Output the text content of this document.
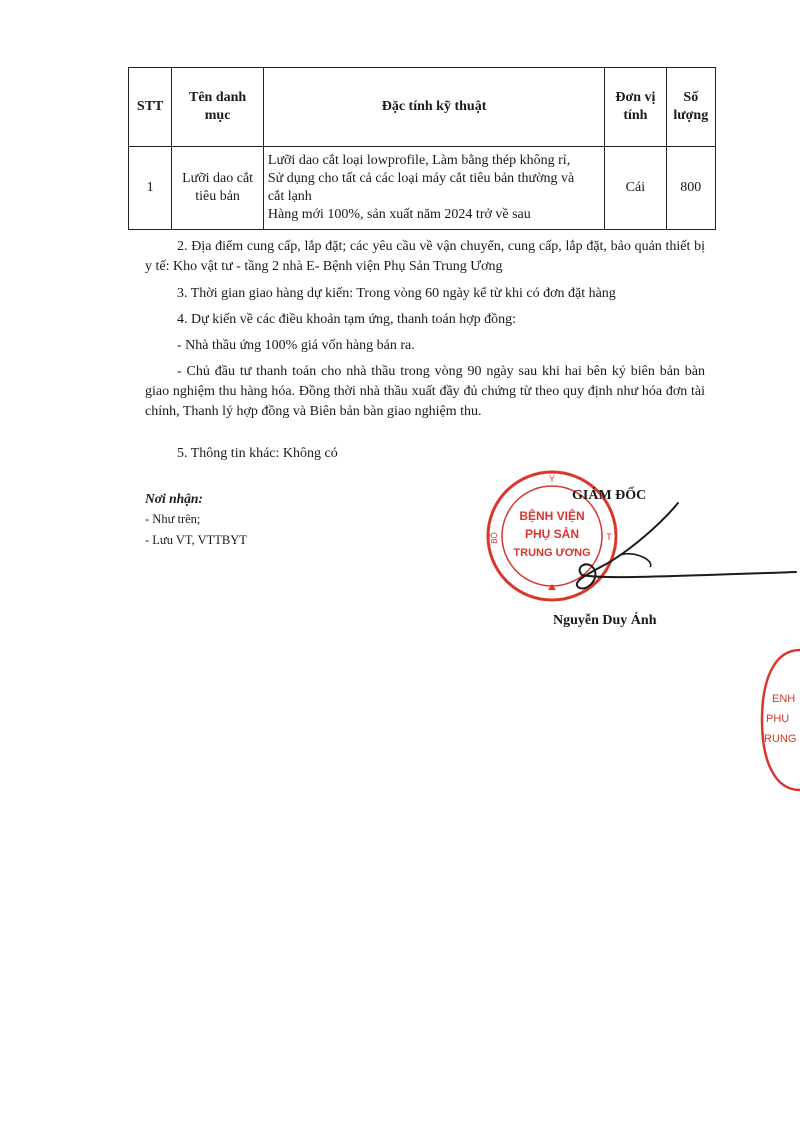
STT	Tên danh mục	Đặc tính kỹ thuật	Đơn vị tính	Số lượng
1	Lưỡi dao cắt tiêu bản	Lưỡi dao cắt loại lowprofile, Làm bằng thép không rỉ,
Sử dụng cho tất cả các loại máy cắt tiêu bản thường và
cắt lạnh
Hàng mới 100%, sản xuất năm 2024 trở về sau	Cái	800
2. Địa điểm cung cấp, lắp đặt; các yêu cầu về vận chuyển, cung cấp, lắp đặt, bảo quản thiết bị y tế: Kho vật tư - tầng 2 nhà E- Bệnh viện Phụ Sản Trung Ương
3. Thời gian giao hàng dự kiến: Trong vòng 60 ngày kể từ khi có đơn đặt hàng
4. Dự kiến về các điều khoản tạm ứng, thanh toán hợp đồng:
- Nhà thầu ứng 100% giá vốn hàng bán ra.
- Chủ đầu tư thanh toán cho nhà thầu trong vòng 90 ngày sau khi hai bên ký biên bản bàn giao nghiệm thu hàng hóa. Đồng thời nhà thầu xuất đầy đủ chứng từ theo quy định như hóa đơn tài chính, Thanh lý hợp đồng và Biên bản bàn giao nghiệm thu.
5. Thông tin khác: Không có
Nơi nhận:
- Như trên;
- Lưu VT, VTTBYT
Y
T
BỘ
BỆNH VIỆN
PHỤ SẢN
TRUNG ƯƠNG
GIÁM ĐỐC
Nguyễn Duy Ánh
ENH
PHỤ
RUNG
